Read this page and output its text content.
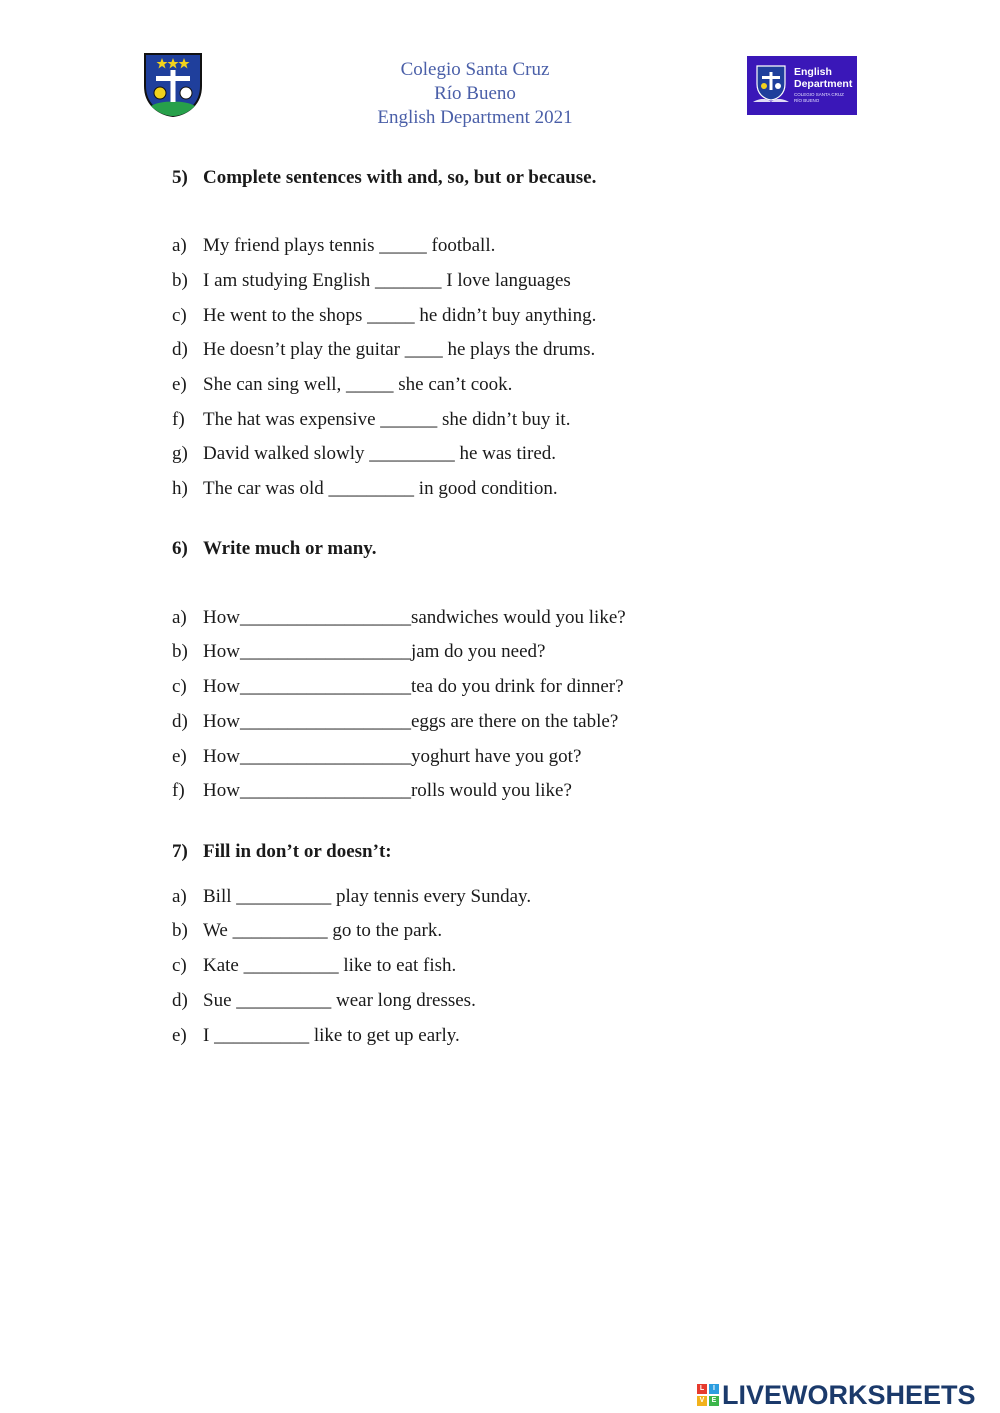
Colegio Santa Cruz
Río Bueno
English Department 2021
English
Department
COLEGIO SANTA CRUZ
RÍO BUENO
5) Complete sentences with and, so, but or because.
a) My friend plays tennis _____ football.
b) I am studying English _______ I love languages
c) He went to the shops _____ he didn’t buy anything.
d) He doesn’t play the guitar ____ he plays the drums.
e) She can sing well, _____ she can’t cook.
f) The hat was expensive ______ she didn’t buy it.
g) David walked slowly _________ he was tired.
h) The car was old _________ in good condition.
6) Write much or many.
a) How__________________sandwiches would you like?
b) How__________________jam do you need?
c) How__________________tea do you drink for dinner?
d) How__________________eggs are there on the table?
e) How__________________yoghurt have you got?
f) How__________________rolls would you like?
7) Fill in don’t or doesn’t:
a) Bill __________ play tennis every Sunday.
b) We __________ go to the park.
c) Kate __________ like to eat fish.
d) Sue __________ wear long dresses.
e) I __________ like to get up early.
L	I
V	E LIVEWORKSHEETS
